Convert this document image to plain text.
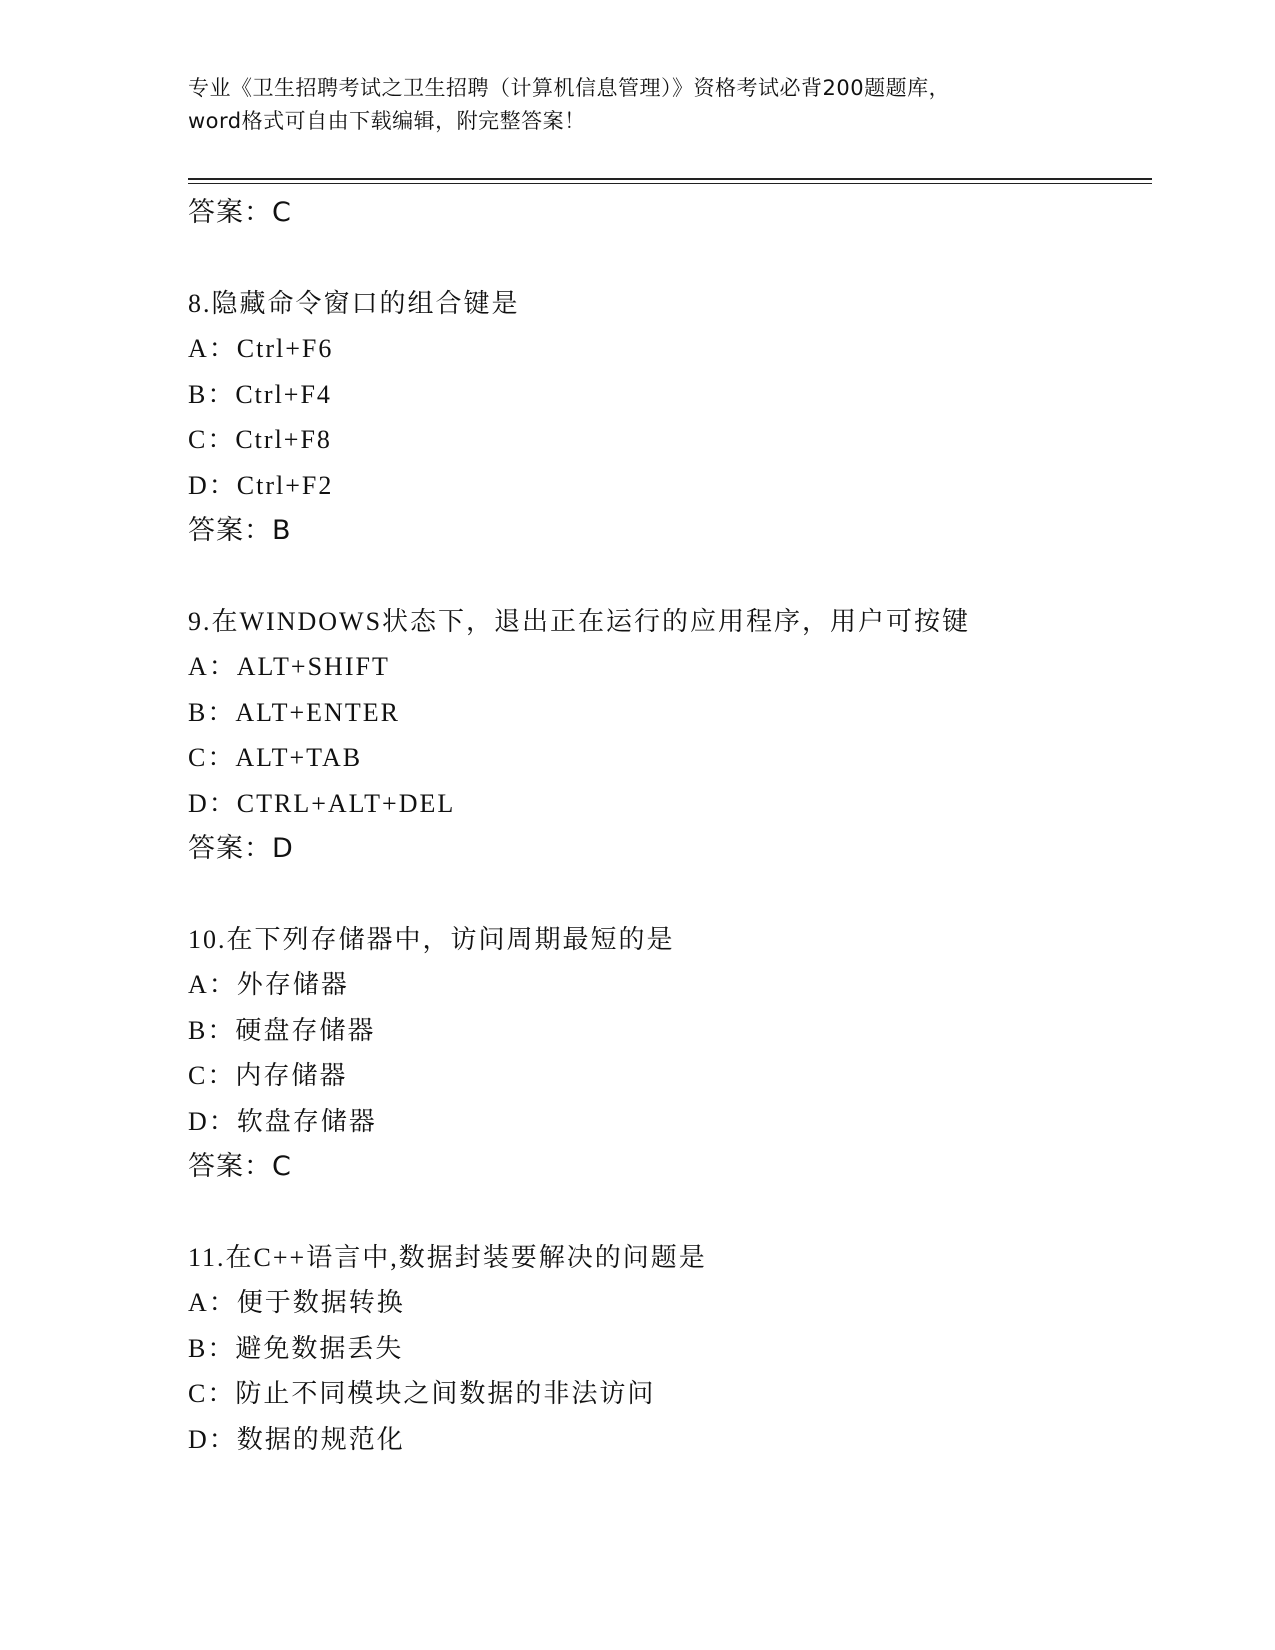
专业《卫生招聘考试之卫生招聘（计算机信息管理）》资格考试必背200题题库，
word格式可自由下载编辑，附完整答案！
答案：C
8.隐藏命令窗口的组合键是
A：Ctrl+F6
B：Ctrl+F4
C：Ctrl+F8
D：Ctrl+F2
答案：B
9.在WINDOWS状态下，退出正在运行的应用程序，用户可按键
A：ALT+SHIFT
B：ALT+ENTER
C：ALT+TAB
D：CTRL+ALT+DEL
答案：D
10.在下列存储器中，访问周期最短的是
A：外存储器
B：硬盘存储器
C：内存储器
D：软盘存储器
答案：C
11.在C++语言中,数据封装要解决的问题是
A：便于数据转换
B：避免数据丢失
C：防止不同模块之间数据的非法访问
D：数据的规范化
